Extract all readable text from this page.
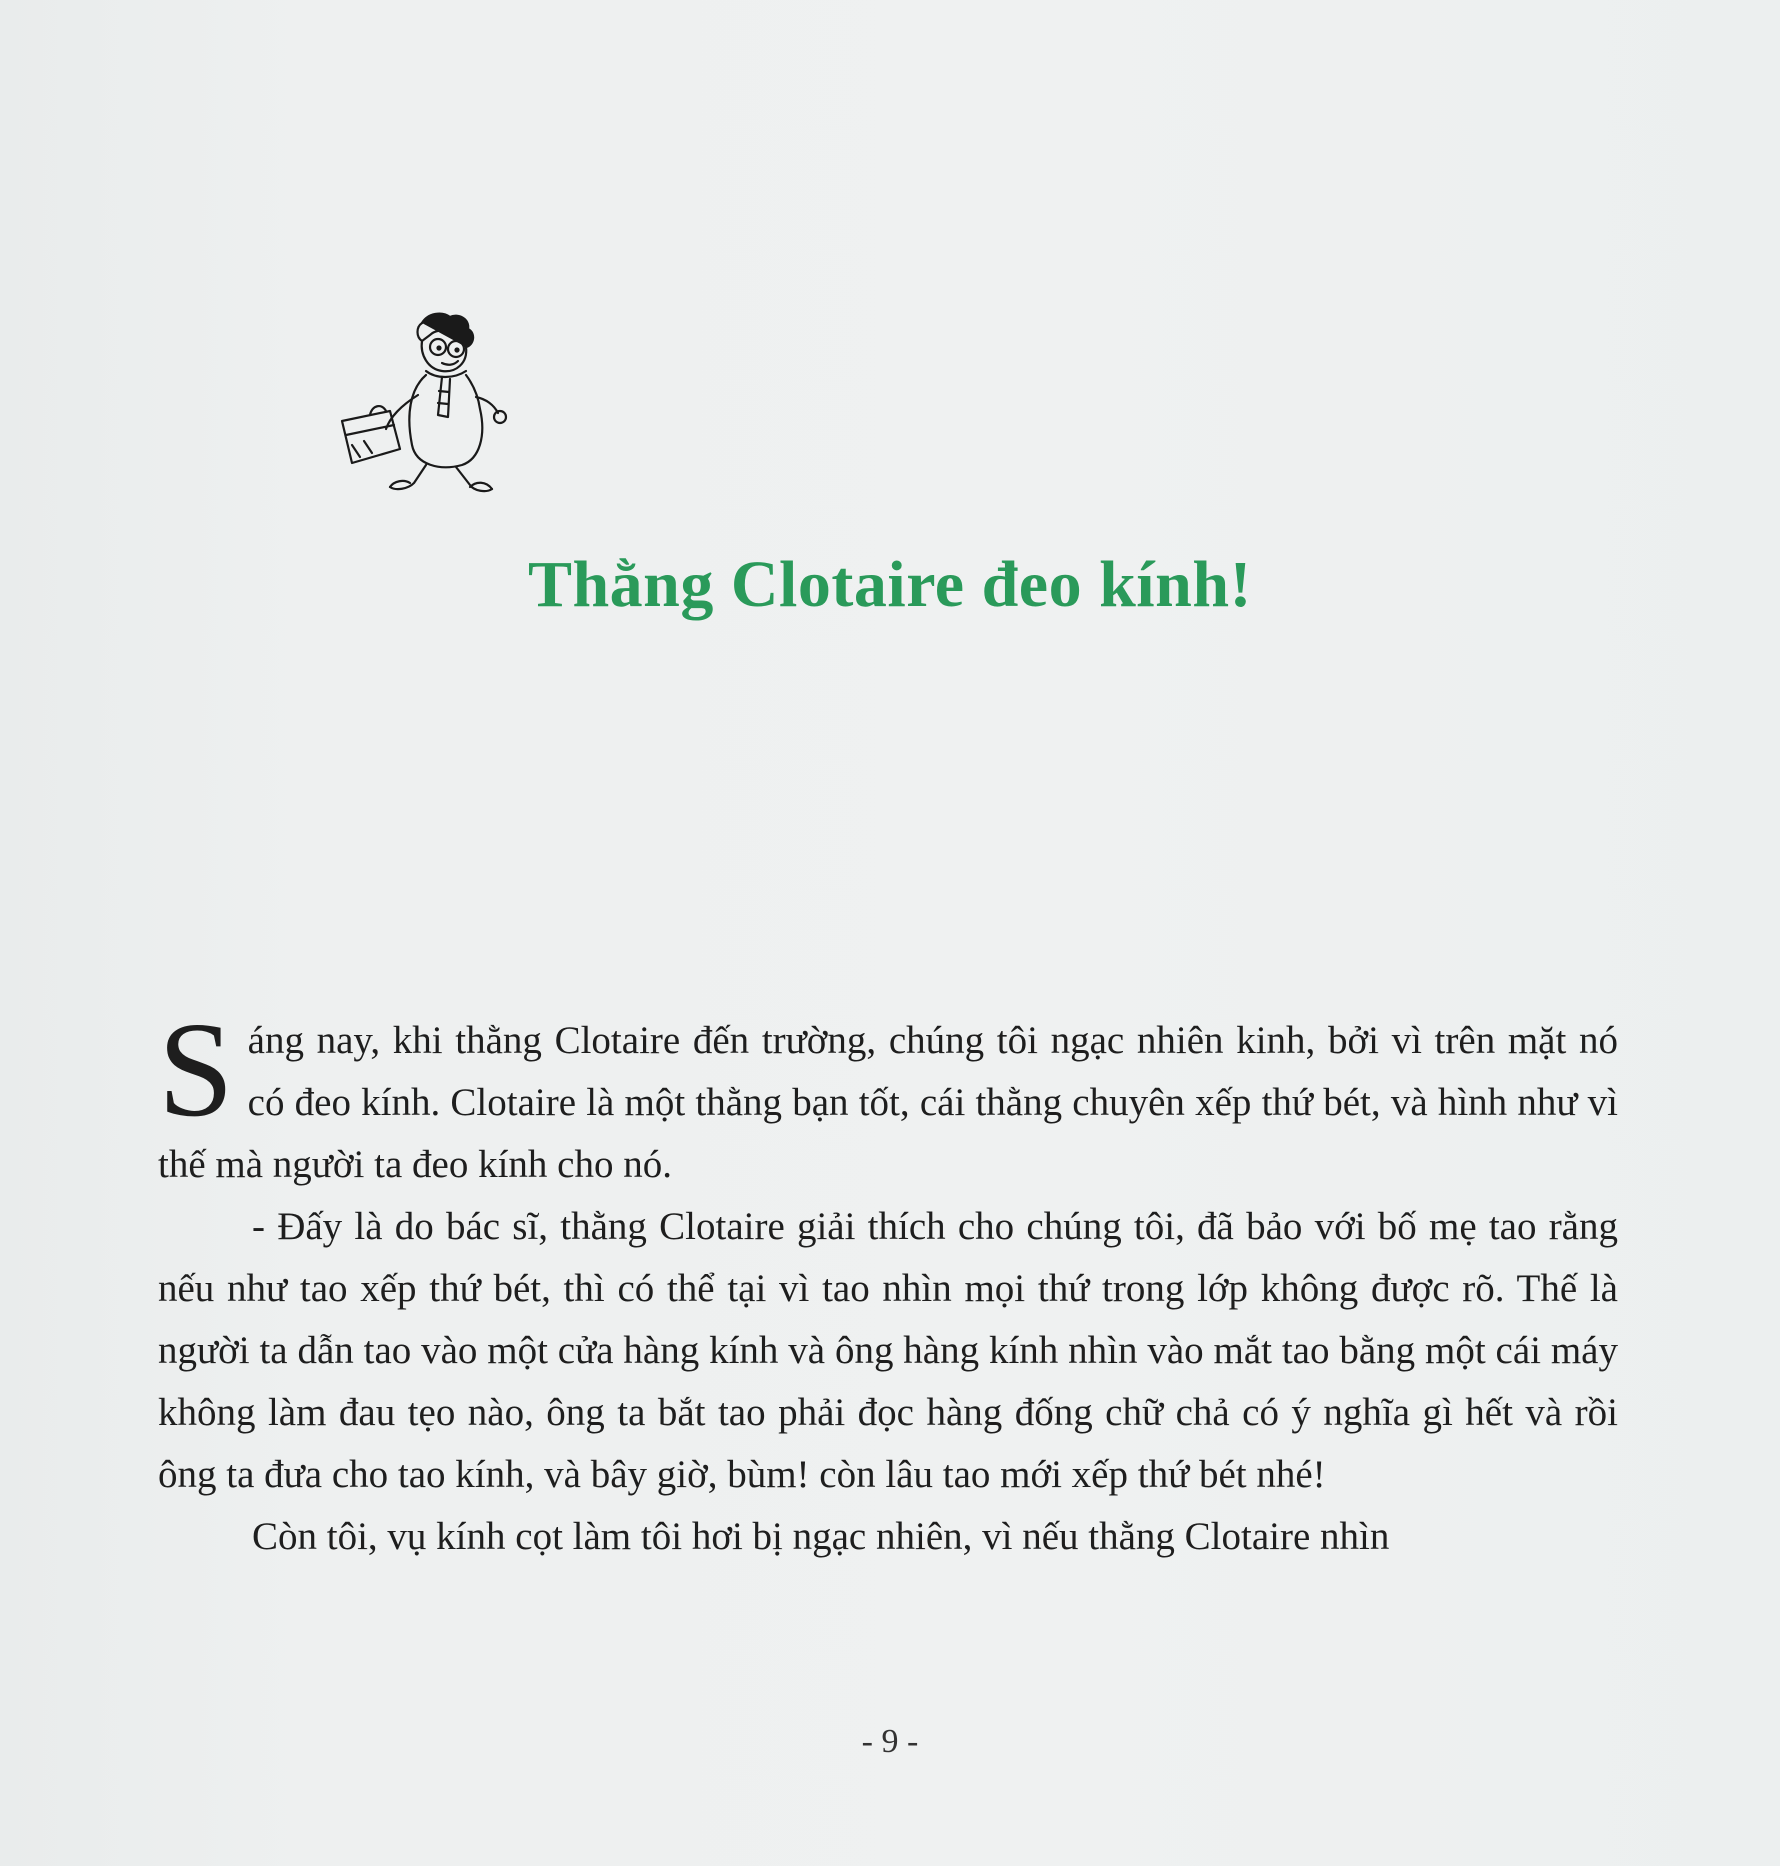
Thằng Clotaire đeo kính!

Sáng nay, khi thằng Clotaire đến trường, chúng tôi ngạc nhiên kinh, bởi vì trên mặt nó có đeo kính. Clotaire là một thằng bạn tốt, cái thằng chuyên xếp thứ bét, và hình như vì thế mà người ta đeo kính cho nó.

- Đấy là do bác sĩ, thằng Clotaire giải thích cho chúng tôi, đã bảo với bố mẹ tao rằng nếu như tao xếp thứ bét, thì có thể tại vì tao nhìn mọi thứ trong lớp không được rõ. Thế là người ta dẫn tao vào một cửa hàng kính và ông hàng kính nhìn vào mắt tao bằng một cái máy không làm đau tẹo nào, ông ta bắt tao phải đọc hàng đống chữ chả có ý nghĩa gì hết và rồi ông ta đưa cho tao kính, và bây giờ, bùm! còn lâu tao mới xếp thứ bét nhé!

Còn tôi, vụ kính cọt làm tôi hơi bị ngạc nhiên, vì nếu thằng Clotaire nhìn

- 9 -
